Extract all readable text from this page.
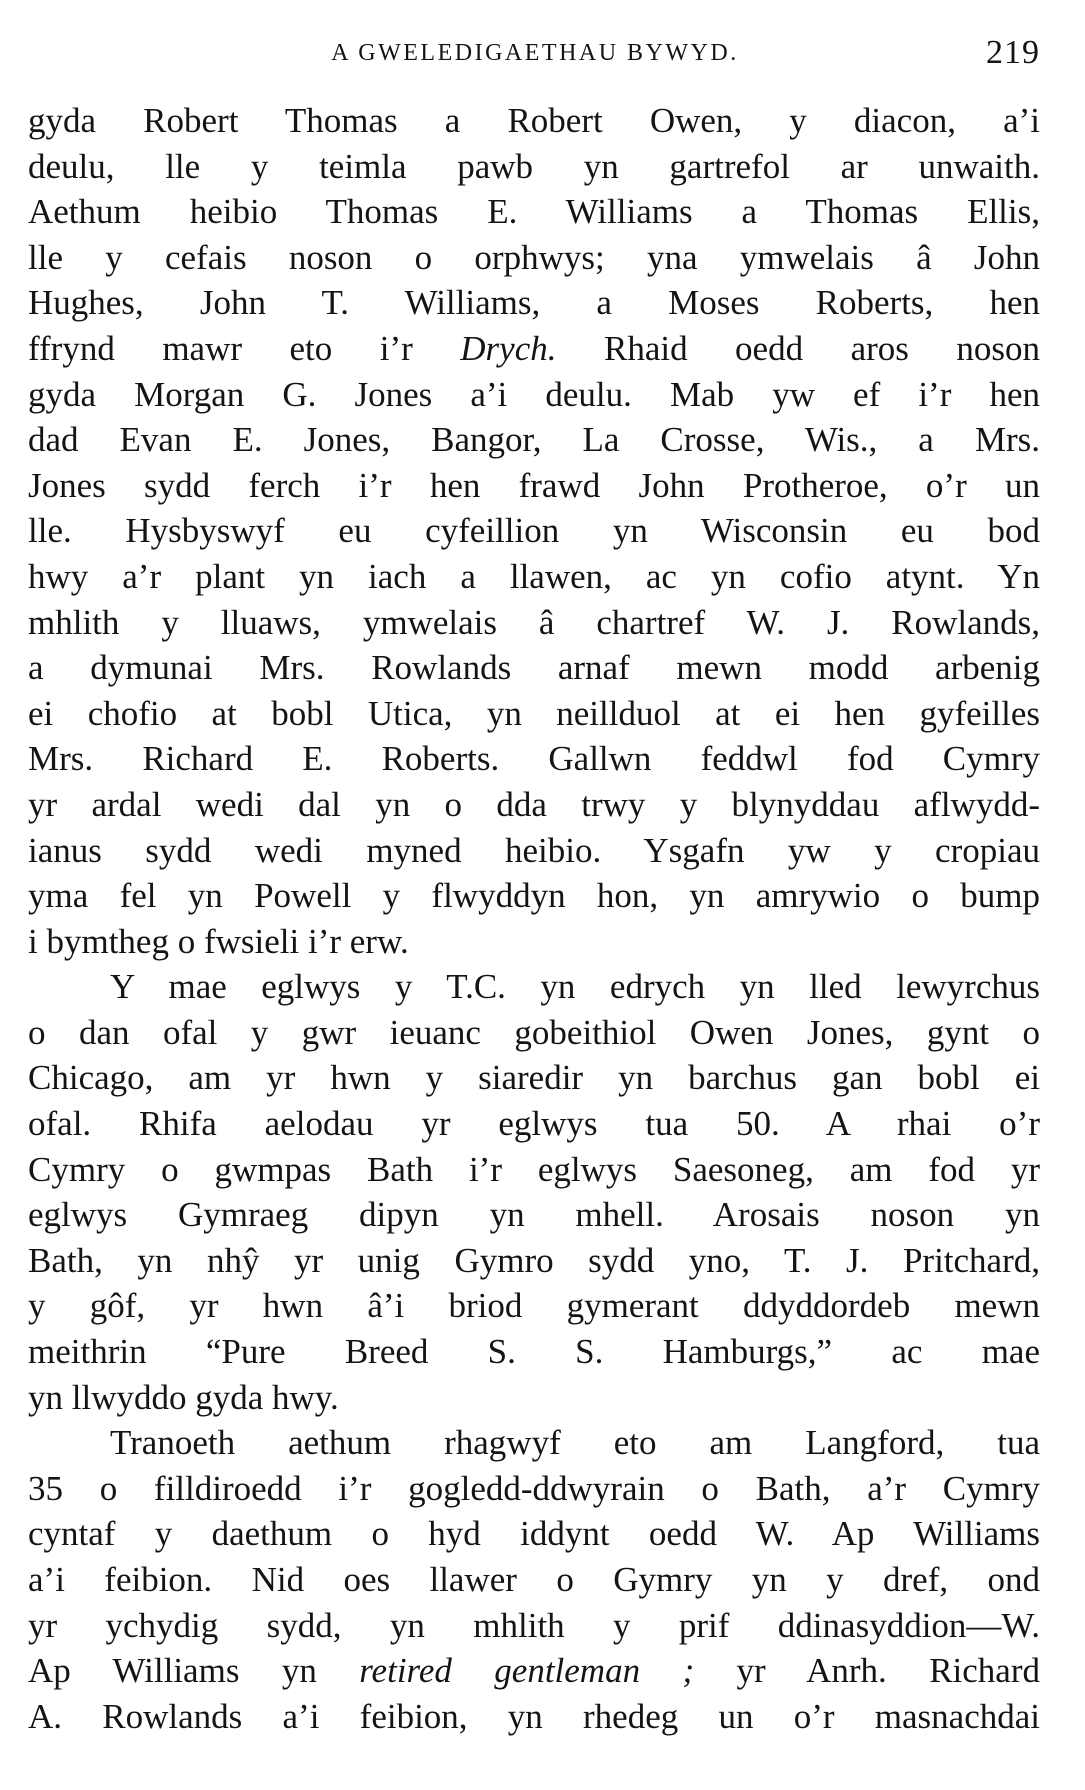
A GWELEDIGAETHAU BYWYD.	219
gyda Robert Thomas a Robert Owen, y diacon, a’i
deulu, lle y teimla pawb yn gartrefol ar unwaith.
Aethum heibio Thomas E. Williams a Thomas Ellis,
lle y cefais noson o orphwys; yna ymwelais â John
Hughes, John T. Williams, a Moses Roberts, hen
ffrynd mawr eto i’r Drych. Rhaid oedd aros noson
gyda Morgan G. Jones a’i deulu. Mab yw ef i’r hen
dad Evan E. Jones, Bangor, La Crosse, Wis., a Mrs.
Jones sydd ferch i’r hen frawd John Protheroe, o’r un
lle. Hysbyswyf eu cyfeillion yn Wisconsin eu bod
hwy a’r plant yn iach a llawen, ac yn cofio atynt. Yn
mhlith y lluaws, ymwelais â chartref W. J. Rowlands,
a dymunai Mrs. Rowlands arnaf mewn modd arbenig
ei chofio at bobl Utica, yn neillduol at ei hen gyfeilles
Mrs. Richard E. Roberts. Gallwn feddwl fod Cymry
yr ardal wedi dal yn o dda trwy y blynyddau aflwydd-
ianus sydd wedi myned heibio. Ysgafn yw y cropiau
yma fel yn Powell y flwyddyn hon, yn amrywio o bump
i bymtheg o fwsieli i’r erw.
Y mae eglwys y T.C. yn edrych yn lled lewyrchus
o dan ofal y gwr ieuanc gobeithiol Owen Jones, gynt o
Chicago, am yr hwn y siaredir yn barchus gan bobl ei
ofal. Rhifa aelodau yr eglwys tua 50. A rhai o’r
Cymry o gwmpas Bath i’r eglwys Saesoneg, am fod yr
eglwys Gymraeg dipyn yn mhell. Arosais noson yn
Bath, yn nhŷ yr unig Gymro sydd yno, T. J. Pritchard,
y gôf, yr hwn â’i briod gymerant ddyddordeb mewn
meithrin “Pure Breed S. S. Hamburgs,” ac mae
yn llwyddo gyda hwy.
Tranoeth aethum rhagwyf eto am Langford, tua
35 o filldiroedd i’r gogledd-ddwyrain o Bath, a’r Cymry
cyntaf y daethum o hyd iddynt oedd W. Ap Williams
a’i feibion. Nid oes llawer o Gymry yn y dref, ond
yr ychydig sydd, yn mhlith y prif ddinasyddion—W.
Ap Williams yn retired gentleman ; yr Anrh. Richard
A. Rowlands a’i feibion, yn rhedeg un o’r masnachdai
